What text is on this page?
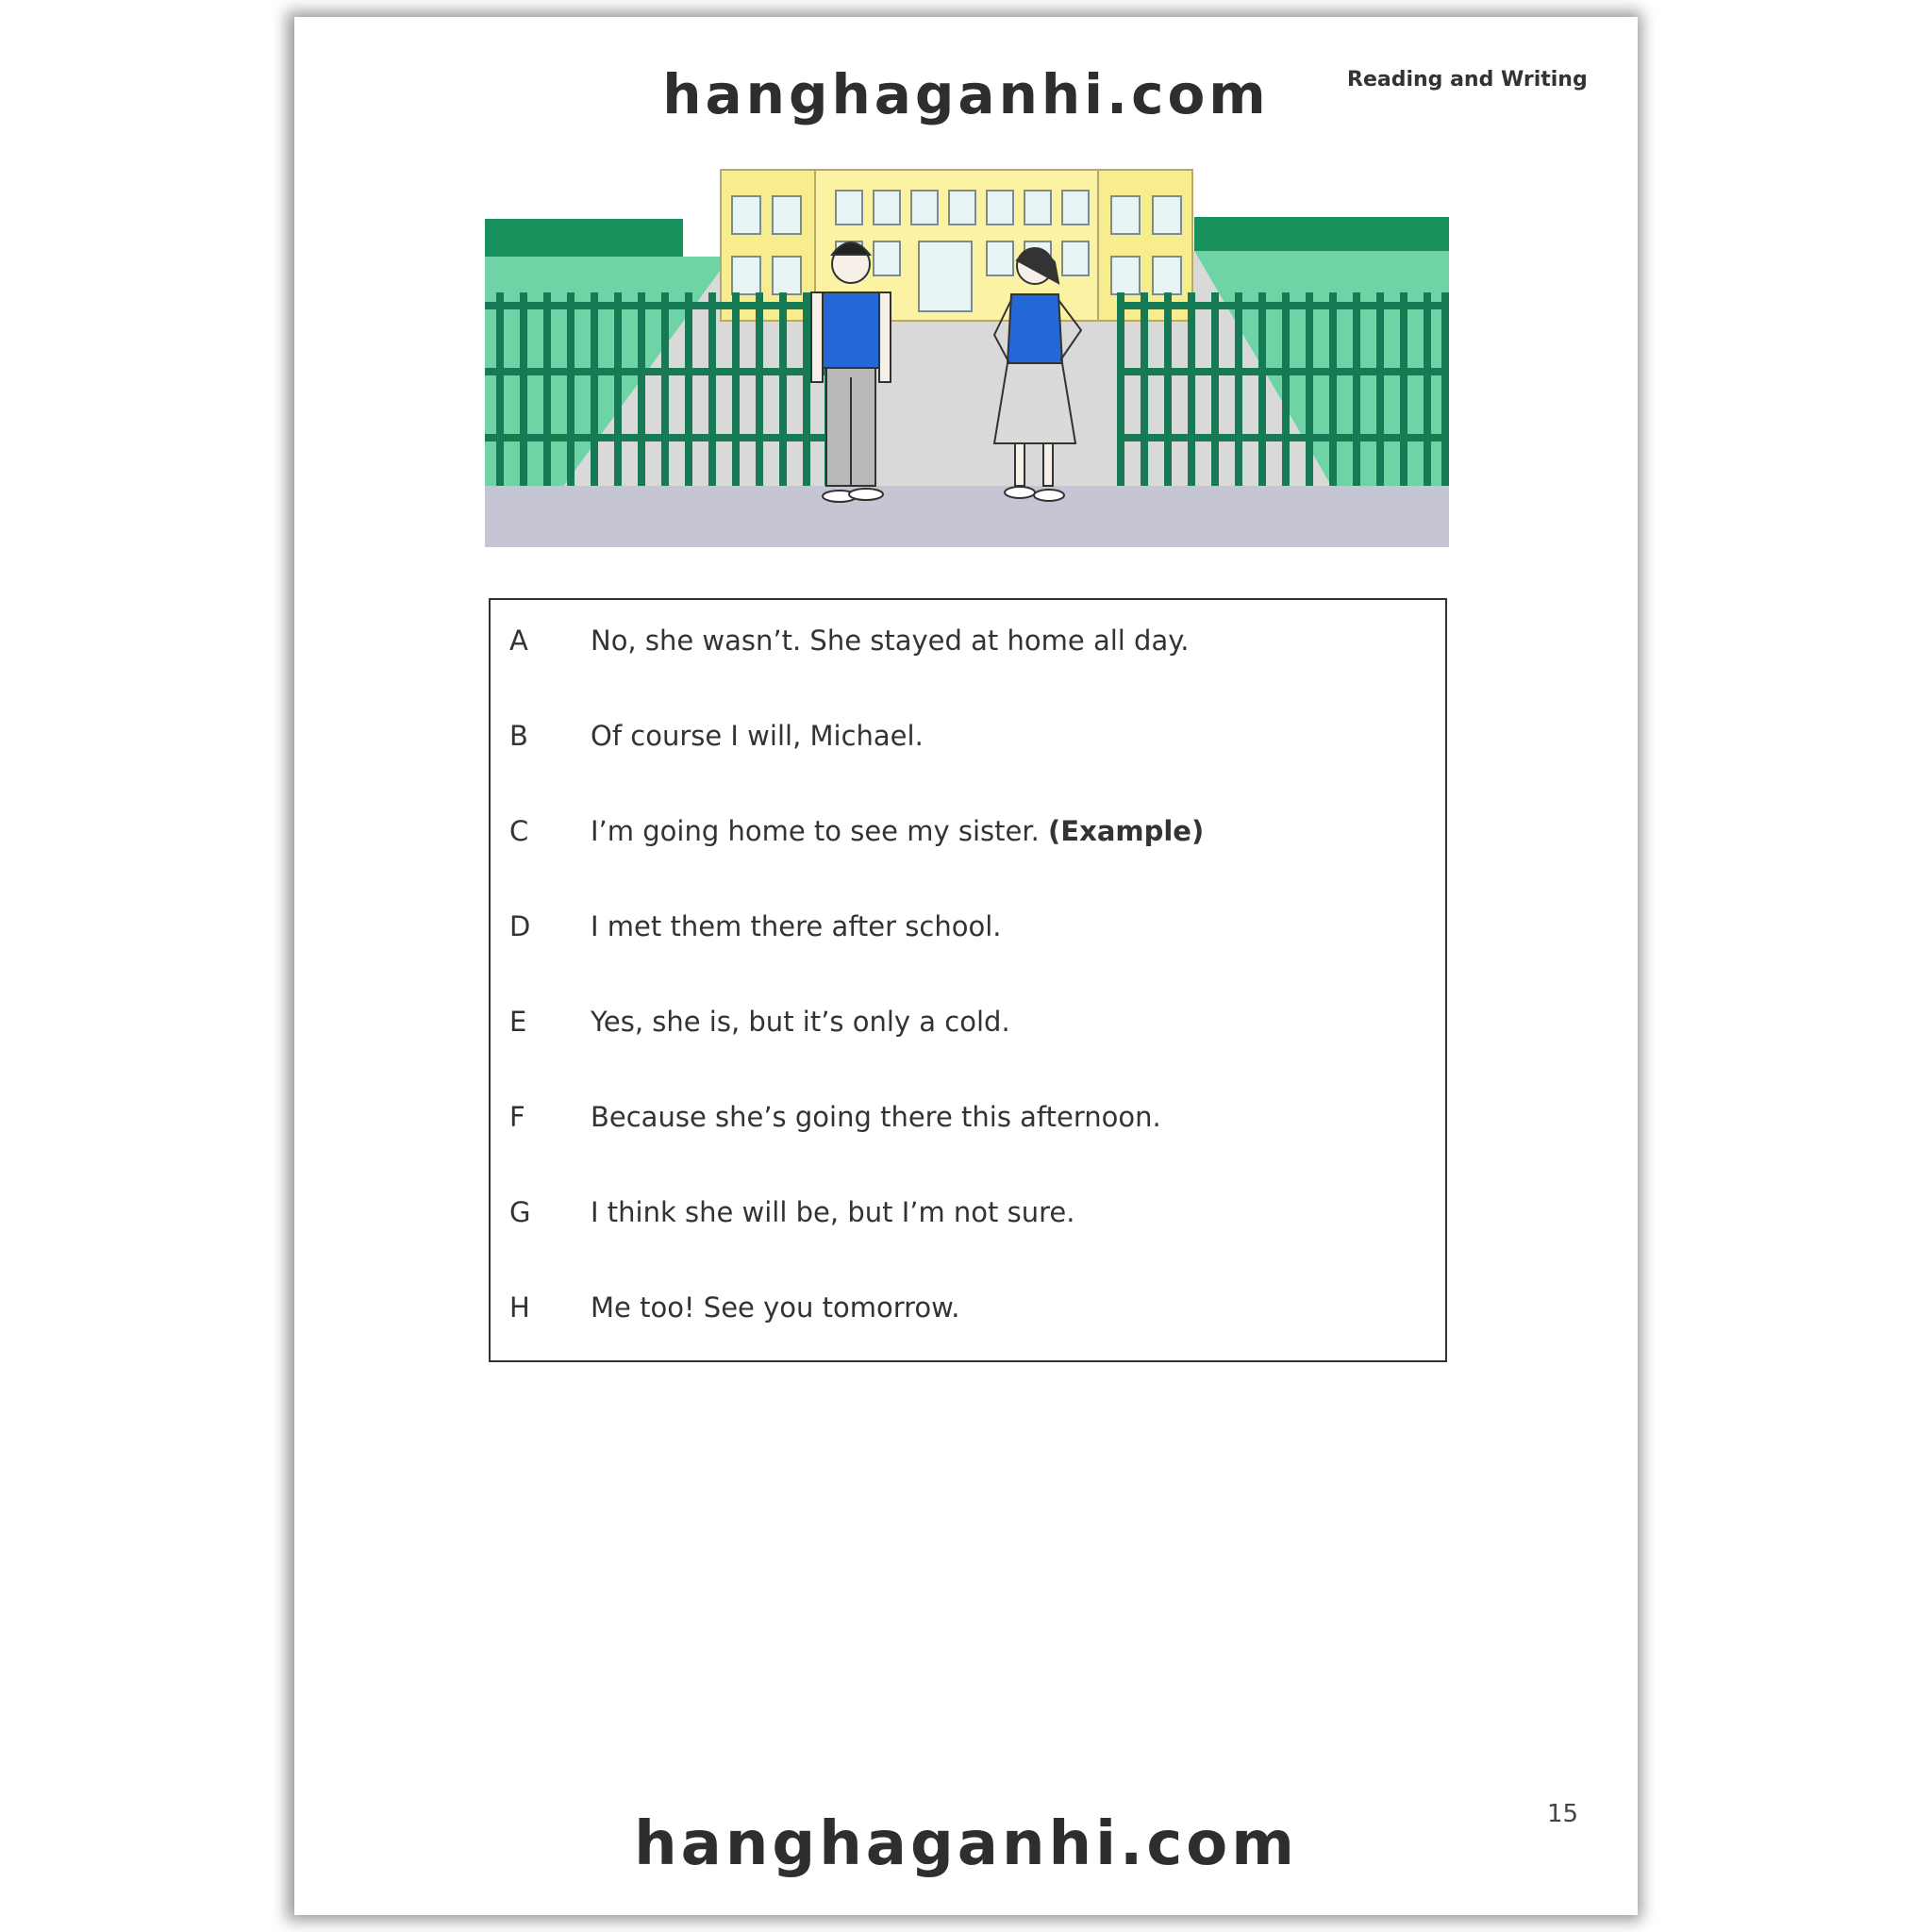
hanghaganhi.com	Reading and Writing
A No, she wasn’t. She stayed at home all day.
B Of course I will, Michael.
C I’m going home to see my sister. (Example)
D I met them there after school.
E Yes, she is, but it’s only a cold.
F Because she’s going there this afternoon.
G I think she will be, but I’m not sure.
H Me too! See you tomorrow.
15
hanghaganhi.com
